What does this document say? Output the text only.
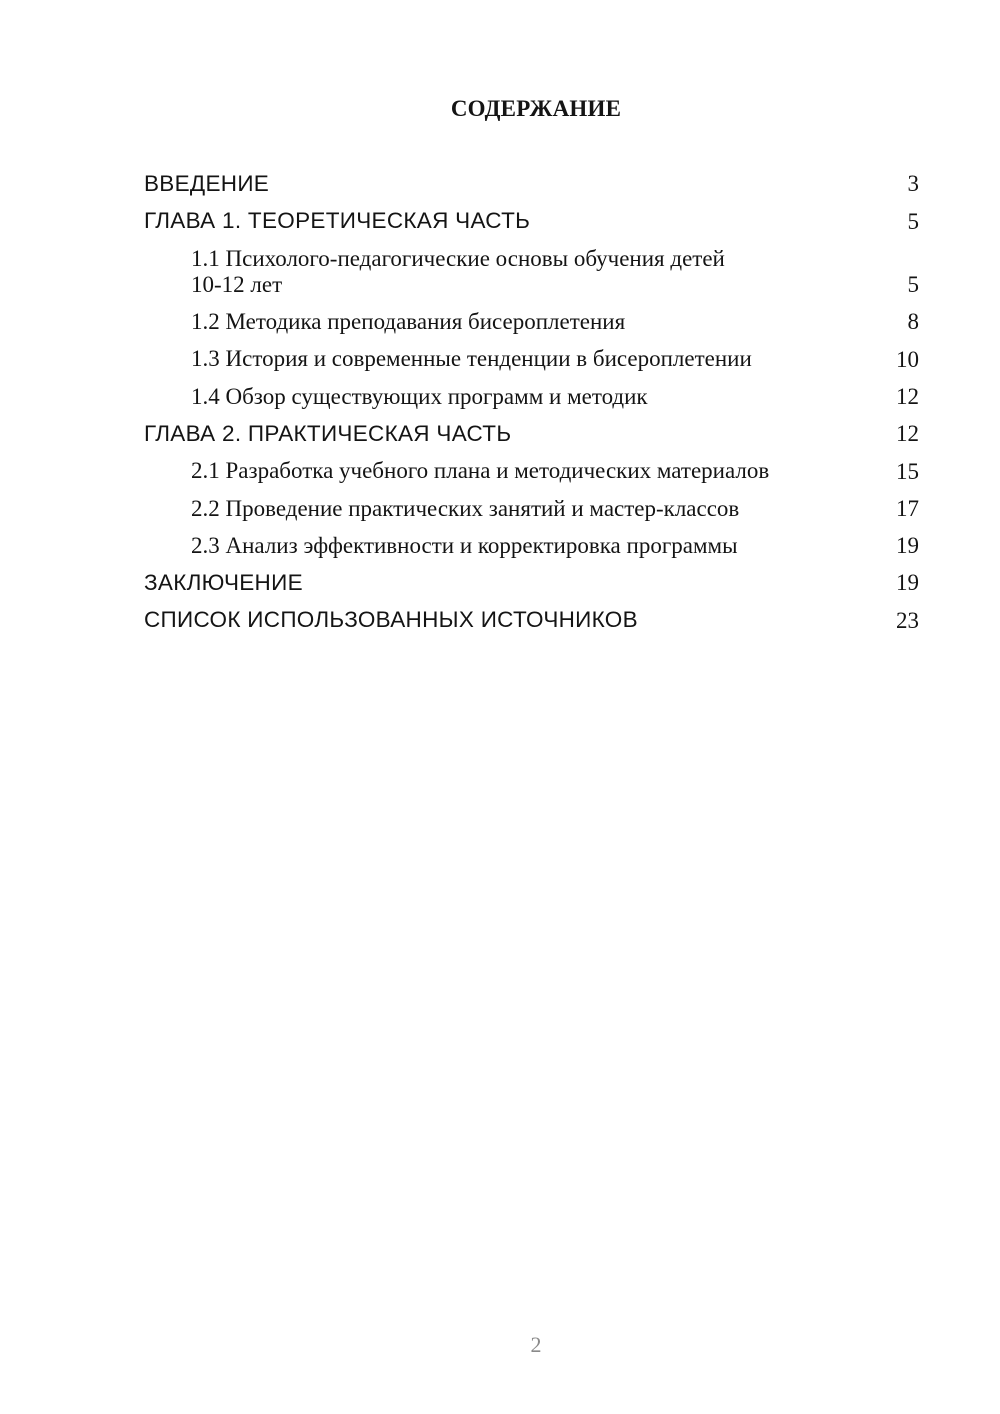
СОДЕРЖАНИЕ
ВВЕДЕНИЕ	3
ГЛАВА 1. ТЕОРЕТИЧЕСКАЯ ЧАСТЬ	5
1.1 Психолого-педагогические основы обучения детей
10-12 лет	5
1.2 Методика преподавания бисероплетения	8
1.3 История и современные тенденции в бисероплетении	10
1.4 Обзор существующих программ и методик	12
ГЛАВА 2. ПРАКТИЧЕСКАЯ ЧАСТЬ	12
2.1 Разработка учебного плана и методических материалов	15
2.2 Проведение практических занятий и мастер-классов	17
2.3 Анализ эффективности и корректировка программы	19
ЗАКЛЮЧЕНИЕ	19
СПИСОК ИСПОЛЬЗОВАННЫХ ИСТОЧНИКОВ	23
2
